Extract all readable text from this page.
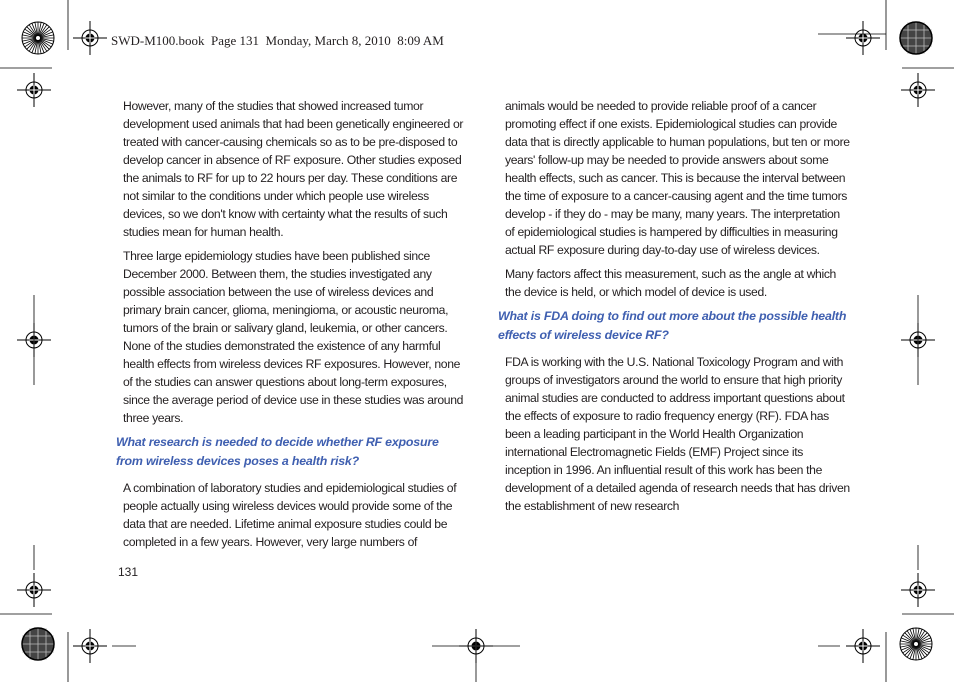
SWD-M100.book  Page 131  Monday, March 8, 2010  8:09 AM

However, many of the studies that showed increased tumor development used animals that had been genetically engineered or treated with cancer-causing chemicals so as to be pre-disposed to develop cancer in absence of RF exposure. Other studies exposed the animals to RF for up to 22 hours per day. These conditions are not similar to the conditions under which people use wireless devices, so we don't know with certainty what the results of such studies mean for human health.

Three large epidemiology studies have been published since December 2000. Between them, the studies investigated any possible association between the use of wireless devices and primary brain cancer, glioma, meningioma, or acoustic neuroma, tumors of the brain or salivary gland, leukemia, or other cancers. None of the studies demonstrated the existence of any harmful health effects from wireless devices RF exposures. However, none of the studies can answer questions about long-term exposures, since the average period of device use in these studies was around three years.

What research is needed to decide whether RF exposure from wireless devices poses a health risk?

A combination of laboratory studies and epidemiological studies of people actually using wireless devices would provide some of the data that are needed. Lifetime animal exposure studies could be completed in a few years. However, very large numbers of

animals would be needed to provide reliable proof of a cancer promoting effect if one exists. Epidemiological studies can provide data that is directly applicable to human populations, but ten or more years' follow-up may be needed to provide answers about some health effects, such as cancer. This is because the interval between the time of exposure to a cancer-causing agent and the time tumors develop - if they do - may be many, many years. The interpretation of epidemiological studies is hampered by difficulties in measuring actual RF exposure during day-to-day use of wireless devices.

Many factors affect this measurement, such as the angle at which the device is held, or which model of device is used.

What is FDA doing to find out more about the possible health effects of wireless device RF?

FDA is working with the U.S. National Toxicology Program and with groups of investigators around the world to ensure that high priority animal studies are conducted to address important questions about the effects of exposure to radio frequency energy (RF). FDA has been a leading participant in the World Health Organization international Electromagnetic Fields (EMF) Project since its inception in 1996. An influential result of this work has been the development of a detailed agenda of research needs that has driven the establishment of new research

131
